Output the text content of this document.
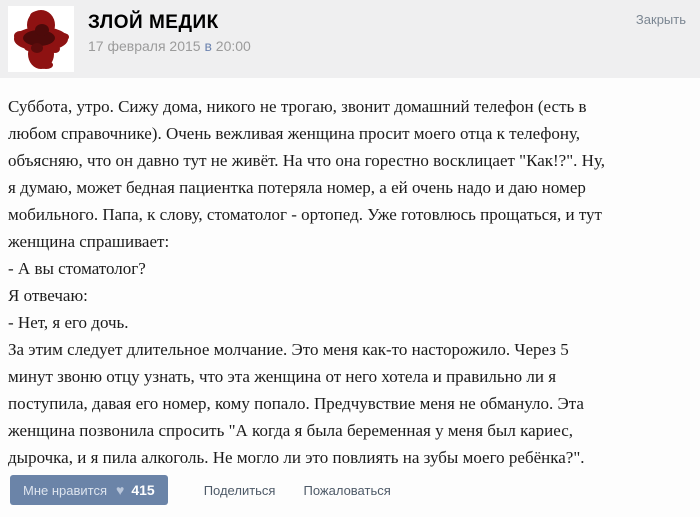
ЗЛОЙ МЕДИК
17 февраля 2015 в 20:00
Закрыть
Суббота, утро. Сижу дома, никого не трогаю, звонит домашний телефон (есть в
любом справочнике). Очень вежливая женщина просит моего отца к телефону,
объясняю, что он давно тут не живёт. На что она горестно восклицает "Как!?". Ну,
я думаю, может бедная пациентка потеряла номер, а ей очень надо и даю номер
мобильного. Папа, к слову, стоматолог - ортопед. Уже готовлюсь прощаться, и тут
женщина спрашивает:
- А вы стоматолог?
Я отвечаю:
- Нет, я его дочь.
За этим следует длительное молчание. Это меня как-то насторожило. Через 5
минут звоню отцу узнать, что эта женщина от него хотела и правильно ли я
поступила, давая его номер, кому попало. Предчувствие меня не обмануло. Эта
женщина позвонила спросить "А когда я была беременная у меня был кариес,
дырочка, и я пила алкоголь. Не могло ли это повлиять на зубы моего ребёнка?".
Мне нравится ♥ 415	Поделиться Пожаловаться
